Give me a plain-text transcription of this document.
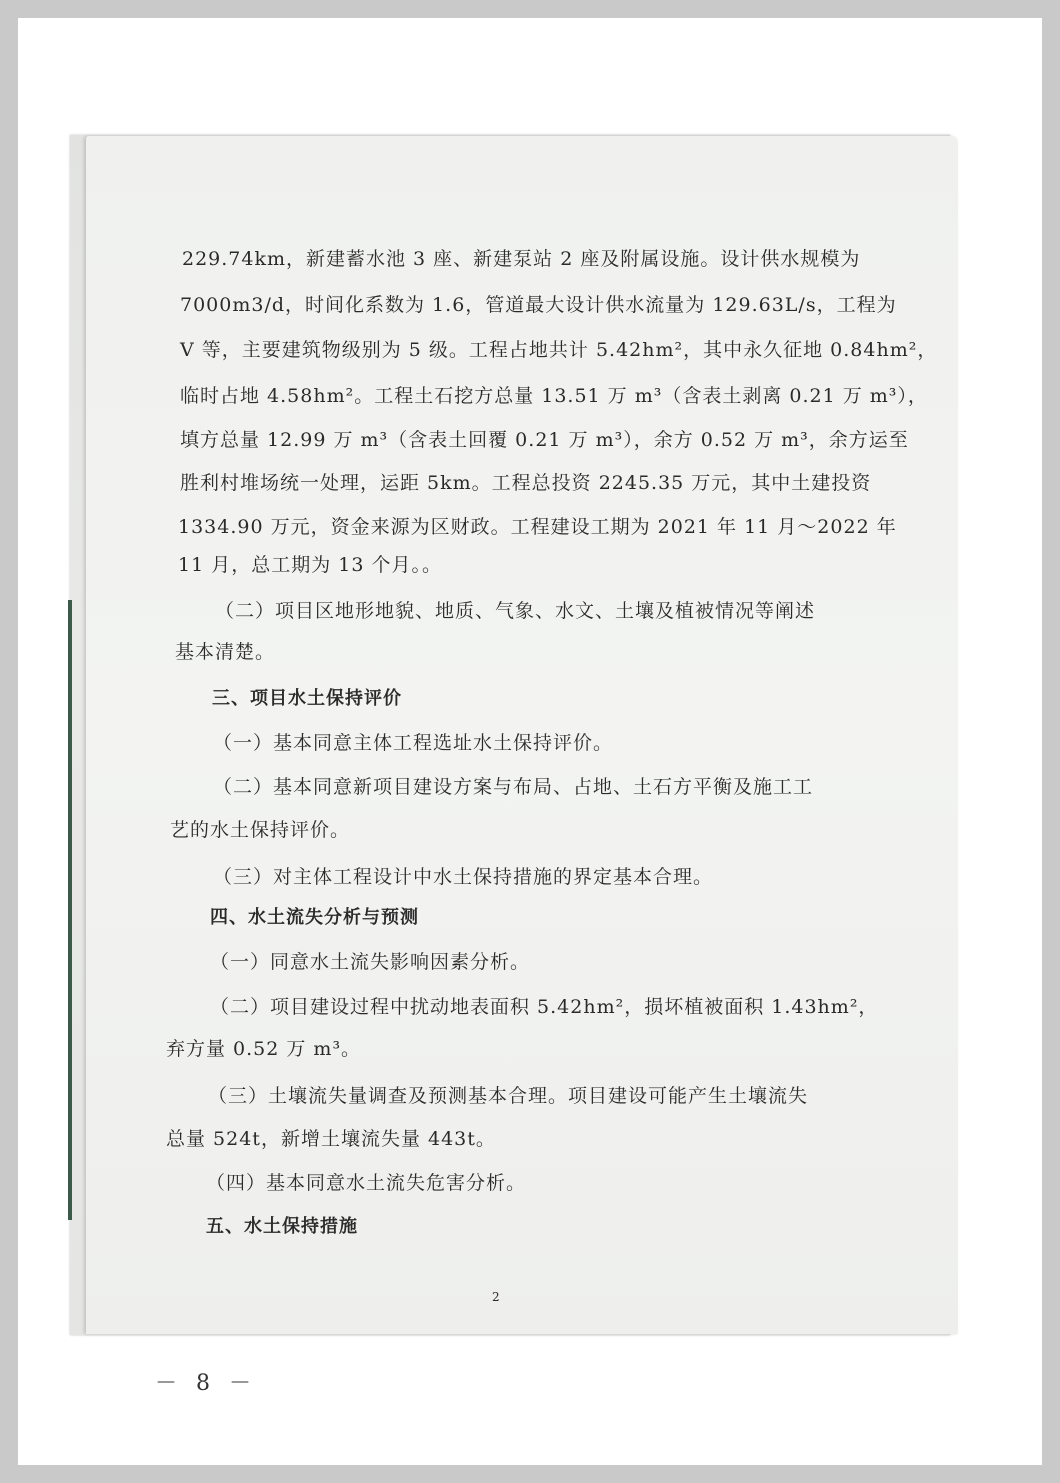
229.74km，新建蓄水池 3 座、新建泵站 2 座及附属设施。设计供水规模为
7000m3/d，时间化系数为 1.6，管道最大设计供水流量为 129.63L/s，工程为
V 等，主要建筑物级别为 5 级。工程占地共计 5.42hm²，其中永久征地 0.84hm²，
临时占地 4.58hm²。工程土石挖方总量 13.51 万 m³（含表土剥离 0.21 万 m³），
填方总量 12.99 万 m³（含表土回覆 0.21 万 m³），余方 0.52 万 m³，余方运至
胜利村堆场统一处理，运距 5km。工程总投资 2245.35 万元，其中土建投资
1334.90 万元，资金来源为区财政。工程建设工期为 2021 年 11 月～2022 年
11 月，总工期为 13 个月。。
（二）项目区地形地貌、地质、气象、水文、土壤及植被情况等阐述
基本清楚。
三、项目水土保持评价
（一）基本同意主体工程选址水土保持评价。
（二）基本同意新项目建设方案与布局、占地、土石方平衡及施工工
艺的水土保持评价。
（三）对主体工程设计中水土保持措施的界定基本合理。
四、水土流失分析与预测
（一）同意水土流失影响因素分析。
（二）项目建设过程中扰动地表面积 5.42hm²，损坏植被面积 1.43hm²，
弃方量 0.52 万 m³。
（三）土壤流失量调查及预测基本合理。项目建设可能产生土壤流失
总量 524t，新增土壤流失量 443t。
（四）基本同意水土流失危害分析。
五、水土保持措施
2
－ 8 －
